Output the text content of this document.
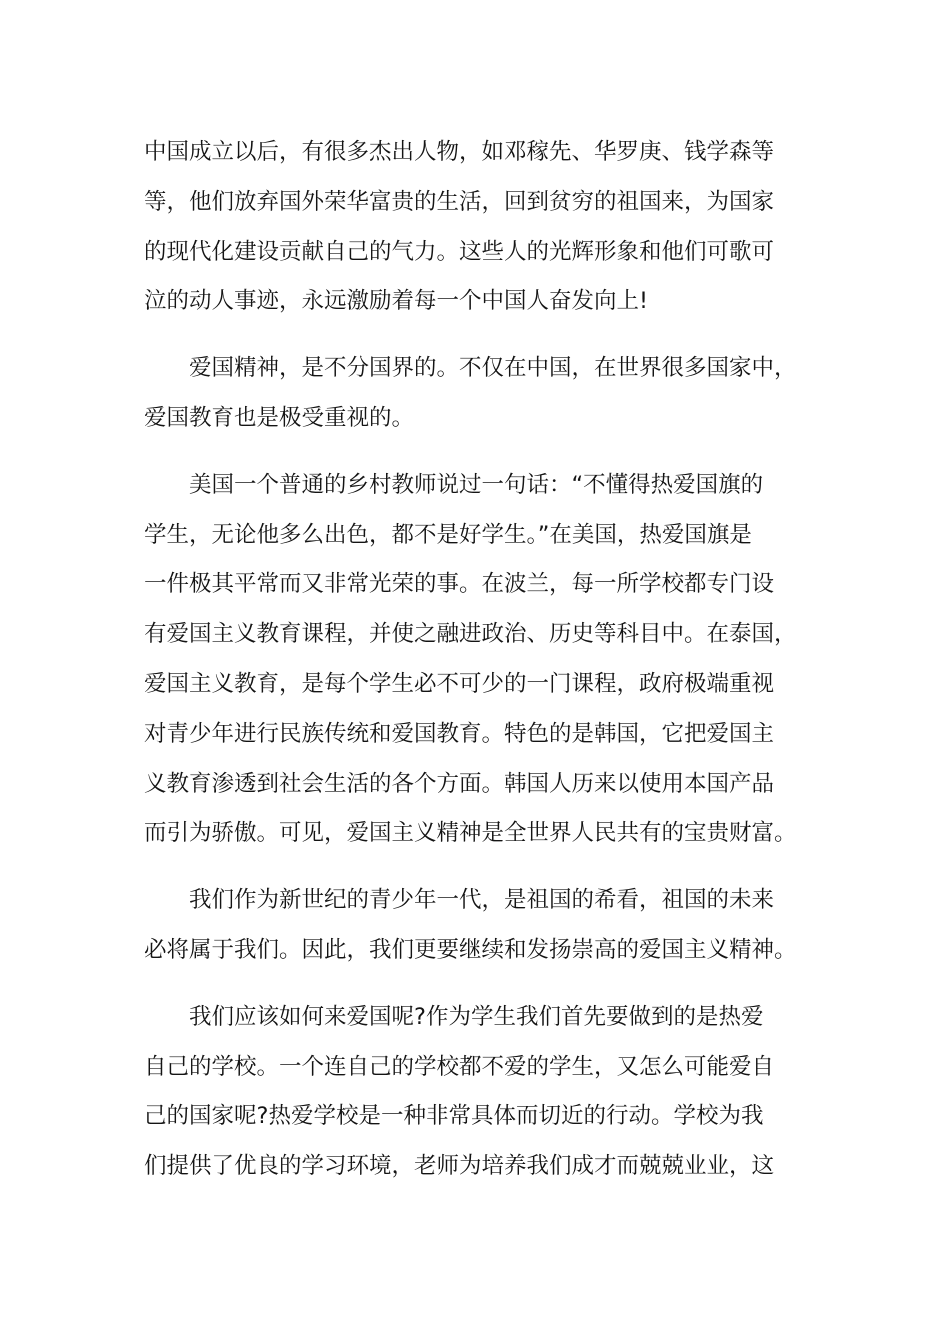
中国成立以后，有很多杰出人物，如邓稼先、华罗庚、钱学森等
等，他们放弃国外荣华富贵的生活，回到贫穷的祖国来，为国家
的现代化建设贡献自己的气力。这些人的光辉形象和他们可歌可
泣的动人事迹，永远激励着每一个中国人奋发向上!

爱国精神，是不分国界的。不仅在中国，在世界很多国家中，
爱国教育也是极受重视的。

美国一个普通的乡村教师说过一句话：“不懂得热爱国旗的
学生，无论他多么出色，都不是好学生。”在美国，热爱国旗是
一件极其平常而又非常光荣的事。在波兰，每一所学校都专门设
有爱国主义教育课程，并使之融进政治、历史等科目中。在泰国，
爱国主义教育，是每个学生必不可少的一门课程，政府极端重视
对青少年进行民族传统和爱国教育。特色的是韩国，它把爱国主
义教育渗透到社会生活的各个方面。韩国人历来以使用本国产品
而引为骄傲。可见，爱国主义精神是全世界人民共有的宝贵财富。

我们作为新世纪的青少年一代，是祖国的希看，祖国的未来
必将属于我们。因此，我们更要继续和发扬崇高的爱国主义精神。

我们应该如何来爱国呢?作为学生我们首先要做到的是热爱
自己的学校。一个连自己的学校都不爱的学生，又怎么可能爱自
己的国家呢?热爱学校是一种非常具体而切近的行动。学校为我
们提供了优良的学习环境，老师为培养我们成才而兢兢业业，这
